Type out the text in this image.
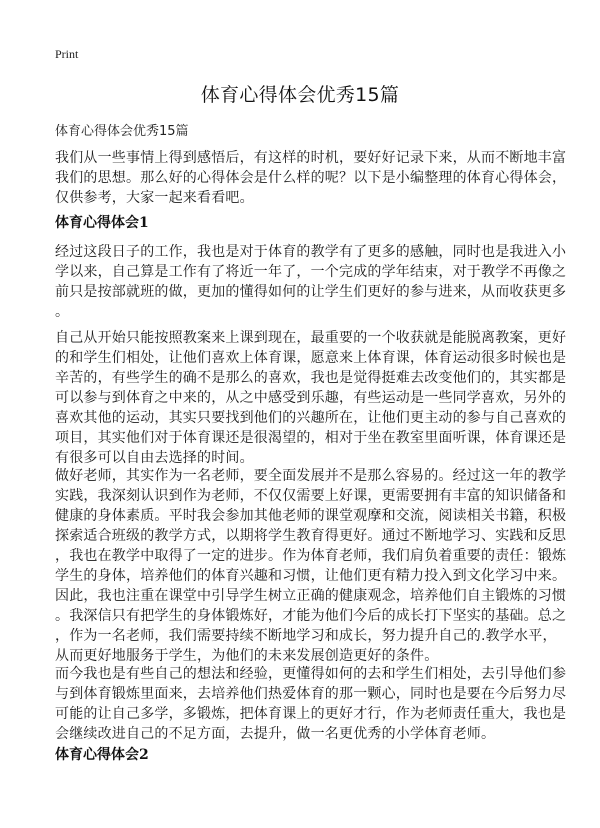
Print
体育心得体会优秀15篇
体育心得体会优秀15篇
我们从一些事情上得到感悟后，有这样的时机，要好好记录下来，从而不断地丰富
我们的思想。那么好的心得体会是什么样的呢？以下是小编整理的体育心得体会，
仅供参考，大家一起来看看吧。
体育心得体会1
经过这段日子的工作，我也是对于体育的教学有了更多的感触，同时也是我进入小
学以来，自己算是工作有了将近一年了，一个完成的学年结束，对于教学不再像之
前只是按部就班的做，更加的懂得如何的让学生们更好的参与进来，从而收获更多
。
自己从开始只能按照教案来上课到现在，最重要的一个收获就是能脱离教案，更好
的和学生们相处，让他们喜欢上体育课，愿意来上体育课，体育运动很多时候也是
辛苦的，有些学生的确不是那么的喜欢，我也是觉得挺难去改变他们的，其实都是
可以参与到体育之中来的，从之中感受到乐趣，有些运动是一些同学喜欢，另外的
喜欢其他的运动，其实只要找到他们的兴趣所在，让他们更主动的参与自己喜欢的
项目，其实他们对于体育课还是很渴望的，相对于坐在教室里面听课，体育课还是
有很多可以自由去选择的时间。
做好老师，其实作为一名老师，要全面发展并不是那么容易的。经过这一年的教学
实践，我深刻认识到作为老师，不仅仅需要上好课，更需要拥有丰富的知识储备和
健康的身体素质。平时我会参加其他老师的课堂观摩和交流，阅读相关书籍，积极
探索适合班级的教学方式，以期将学生教育得更好。通过不断地学习、实践和反思
，我也在教学中取得了一定的进步。作为体育老师，我们肩负着重要的责任：锻炼
学生的身体，培养他们的体育兴趣和习惯，让他们更有精力投入到文化学习中来。
因此，我也注重在课堂中引导学生树立正确的健康观念，培养他们自主锻炼的习惯
。我深信只有把学生的身体锻炼好，才能为他们今后的成长打下坚实的基础。总之
，作为一名老师，我们需要持续不断地学习和成长，努力提升自己的.教学水平，
从而更好地服务于学生，为他们的未来发展创造更好的条件。
而今我也是有些自己的想法和经验，更懂得如何的去和学生们相处，去引导他们参
与到体育锻炼里面来，去培养他们热爱体育的那一颗心，同时也是要在今后努力尽
可能的让自己多学，多锻炼，把体育课上的更好才行，作为老师责任重大，我也是
会继续改进自己的不足方面，去提升，做一名更优秀的小学体育老师。
体育心得体会2
